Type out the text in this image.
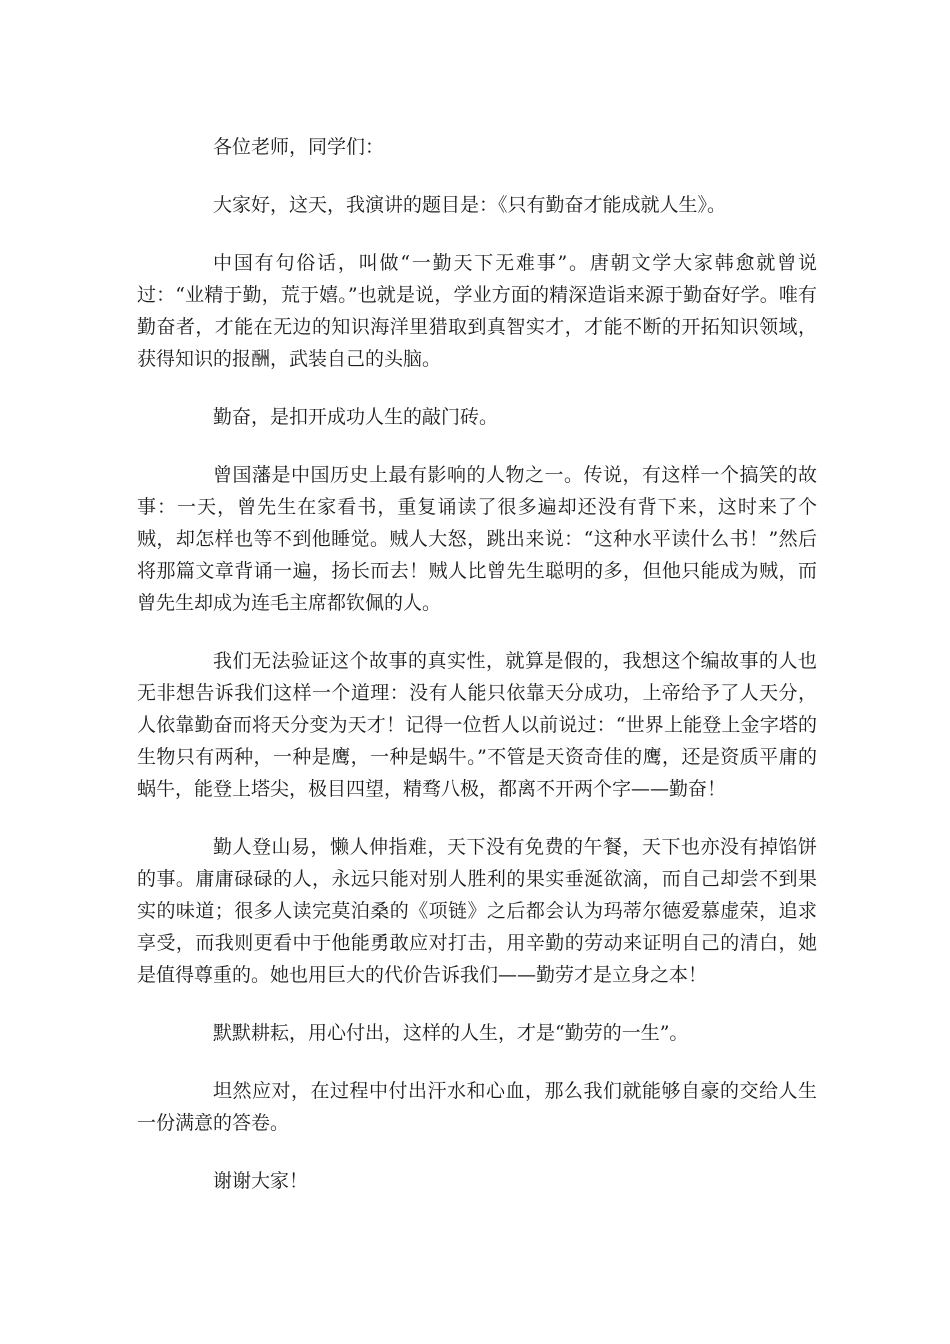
各位老师，同学们：

大家好，这天，我演讲的题目是：《只有勤奋才能成就人生》。

中国有句俗话，叫做“一勤天下无难事”。唐朝文学大家韩愈就曾说过：“业精于勤，荒于嬉。”也就是说，学业方面的精深造诣来源于勤奋好学。唯有勤奋者，才能在无边的知识海洋里猎取到真智实才，才能不断的开拓知识领域，获得知识的报酬，武装自己的头脑。

勤奋，是扣开成功人生的敲门砖。

曾国藩是中国历史上最有影响的人物之一。传说，有这样一个搞笑的故事：一天，曾先生在家看书，重复诵读了很多遍却还没有背下来，这时来了个贼，却怎样也等不到他睡觉。贼人大怒，跳出来说：“这种水平读什么书！”然后将那篇文章背诵一遍，扬长而去！贼人比曾先生聪明的多，但他只能成为贼，而曾先生却成为连毛主席都钦佩的人。

我们无法验证这个故事的真实性，就算是假的，我想这个编故事的人也无非想告诉我们这样一个道理：没有人能只依靠天分成功，上帝给予了人天分，人依靠勤奋而将天分变为天才！记得一位哲人以前说过：“世界上能登上金字塔的生物只有两种，一种是鹰，一种是蜗牛。”不管是天资奇佳的鹰，还是资质平庸的蜗牛，能登上塔尖，极目四望，精骛八极，都离不开两个字——勤奋！

勤人登山易，懒人伸指难，天下没有免费的午餐，天下也亦没有掉馅饼的事。庸庸碌碌的人，永远只能对别人胜利的果实垂涎欲滴，而自己却尝不到果实的味道；很多人读完莫泊桑的《项链》之后都会认为玛蒂尔德爱慕虚荣，追求享受，而我则更看中于他能勇敢应对打击，用辛勤的劳动来证明自己的清白，她是值得尊重的。她也用巨大的代价告诉我们——勤劳才是立身之本！

默默耕耘，用心付出，这样的人生，才是“勤劳的一生”。

坦然应对，在过程中付出汗水和心血，那么我们就能够自豪的交给人生一份满意的答卷。

谢谢大家！
